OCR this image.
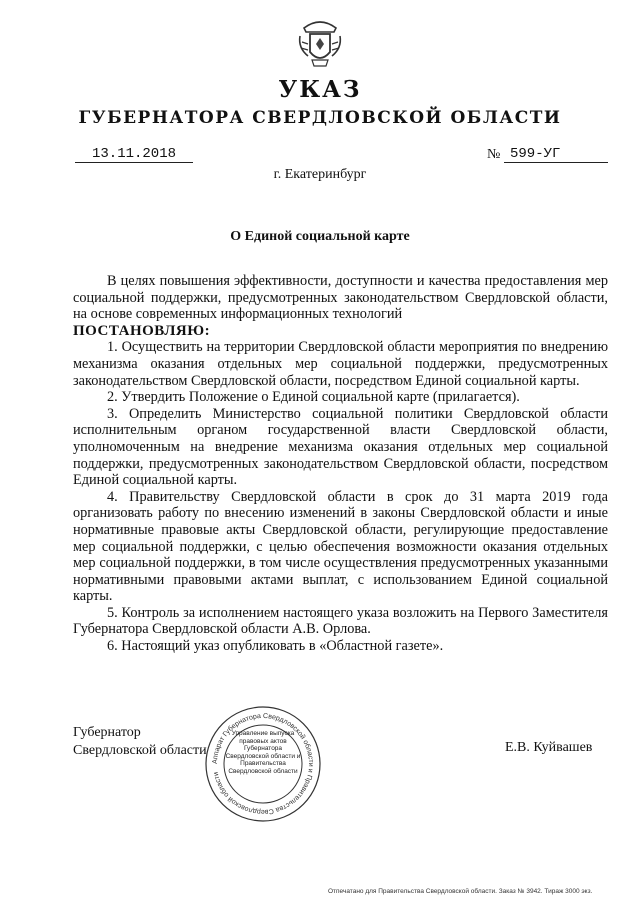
УКАЗ
ГУБЕРНАТОРА СВЕРДЛОВСКОЙ ОБЛАСТИ
13.11.2018	№ 599-УГ
г. Екатеринбург
О Единой социальной карте

В целях повышения эффективности, доступности и качества предоставления мер социальной поддержки, предусмотренных законодательством Свердловской области, на основе современных информационных технологий

ПОСТАНОВЛЯЮ:

1. Осуществить на территории Свердловской области мероприятия по внедрению механизма оказания отдельных мер социальной поддержки, предусмотренных законодательством Свердловской области, посредством Единой социальной карты.

2. Утвердить Положение о Единой социальной карте (прилагается).

3. Определить Министерство социальной политики Свердловской области исполнительным органом государственной власти Свердловской области, уполномоченным на внедрение механизма оказания отдельных мер социальной поддержки, предусмотренных законодательством Свердловской области, посредством Единой социальной карты.

4. Правительству Свердловской области в срок до 31 марта 2019 года организовать работу по внесению изменений в законы Свердловской области и иные нормативные правовые акты Свердловской области, регулирующие предоставление мер социальной поддержки, с целью обеспечения возможности оказания отдельных мер социальной поддержки, в том числе осуществления предусмотренных указанными нормативными правовыми актами выплат, с использованием Единой социальной карты.

5. Контроль за исполнением настоящего указа возложить на Первого Заместителя Губернатора Свердловской области А.В. Орлова.

6. Настоящий указ опубликовать в «Областной газете».

Губернатор
Свердловской области
Аппарат Губернатора Свердловской области и Правительства Свердловской области
Управление выпуска правовых актов Губернатора Свердловской области и Правительства Свердловской области
Е.В. Куйвашев
Отпечатано для Правительства Свердловской области. Заказ № 3942. Тираж 3000 экз.
